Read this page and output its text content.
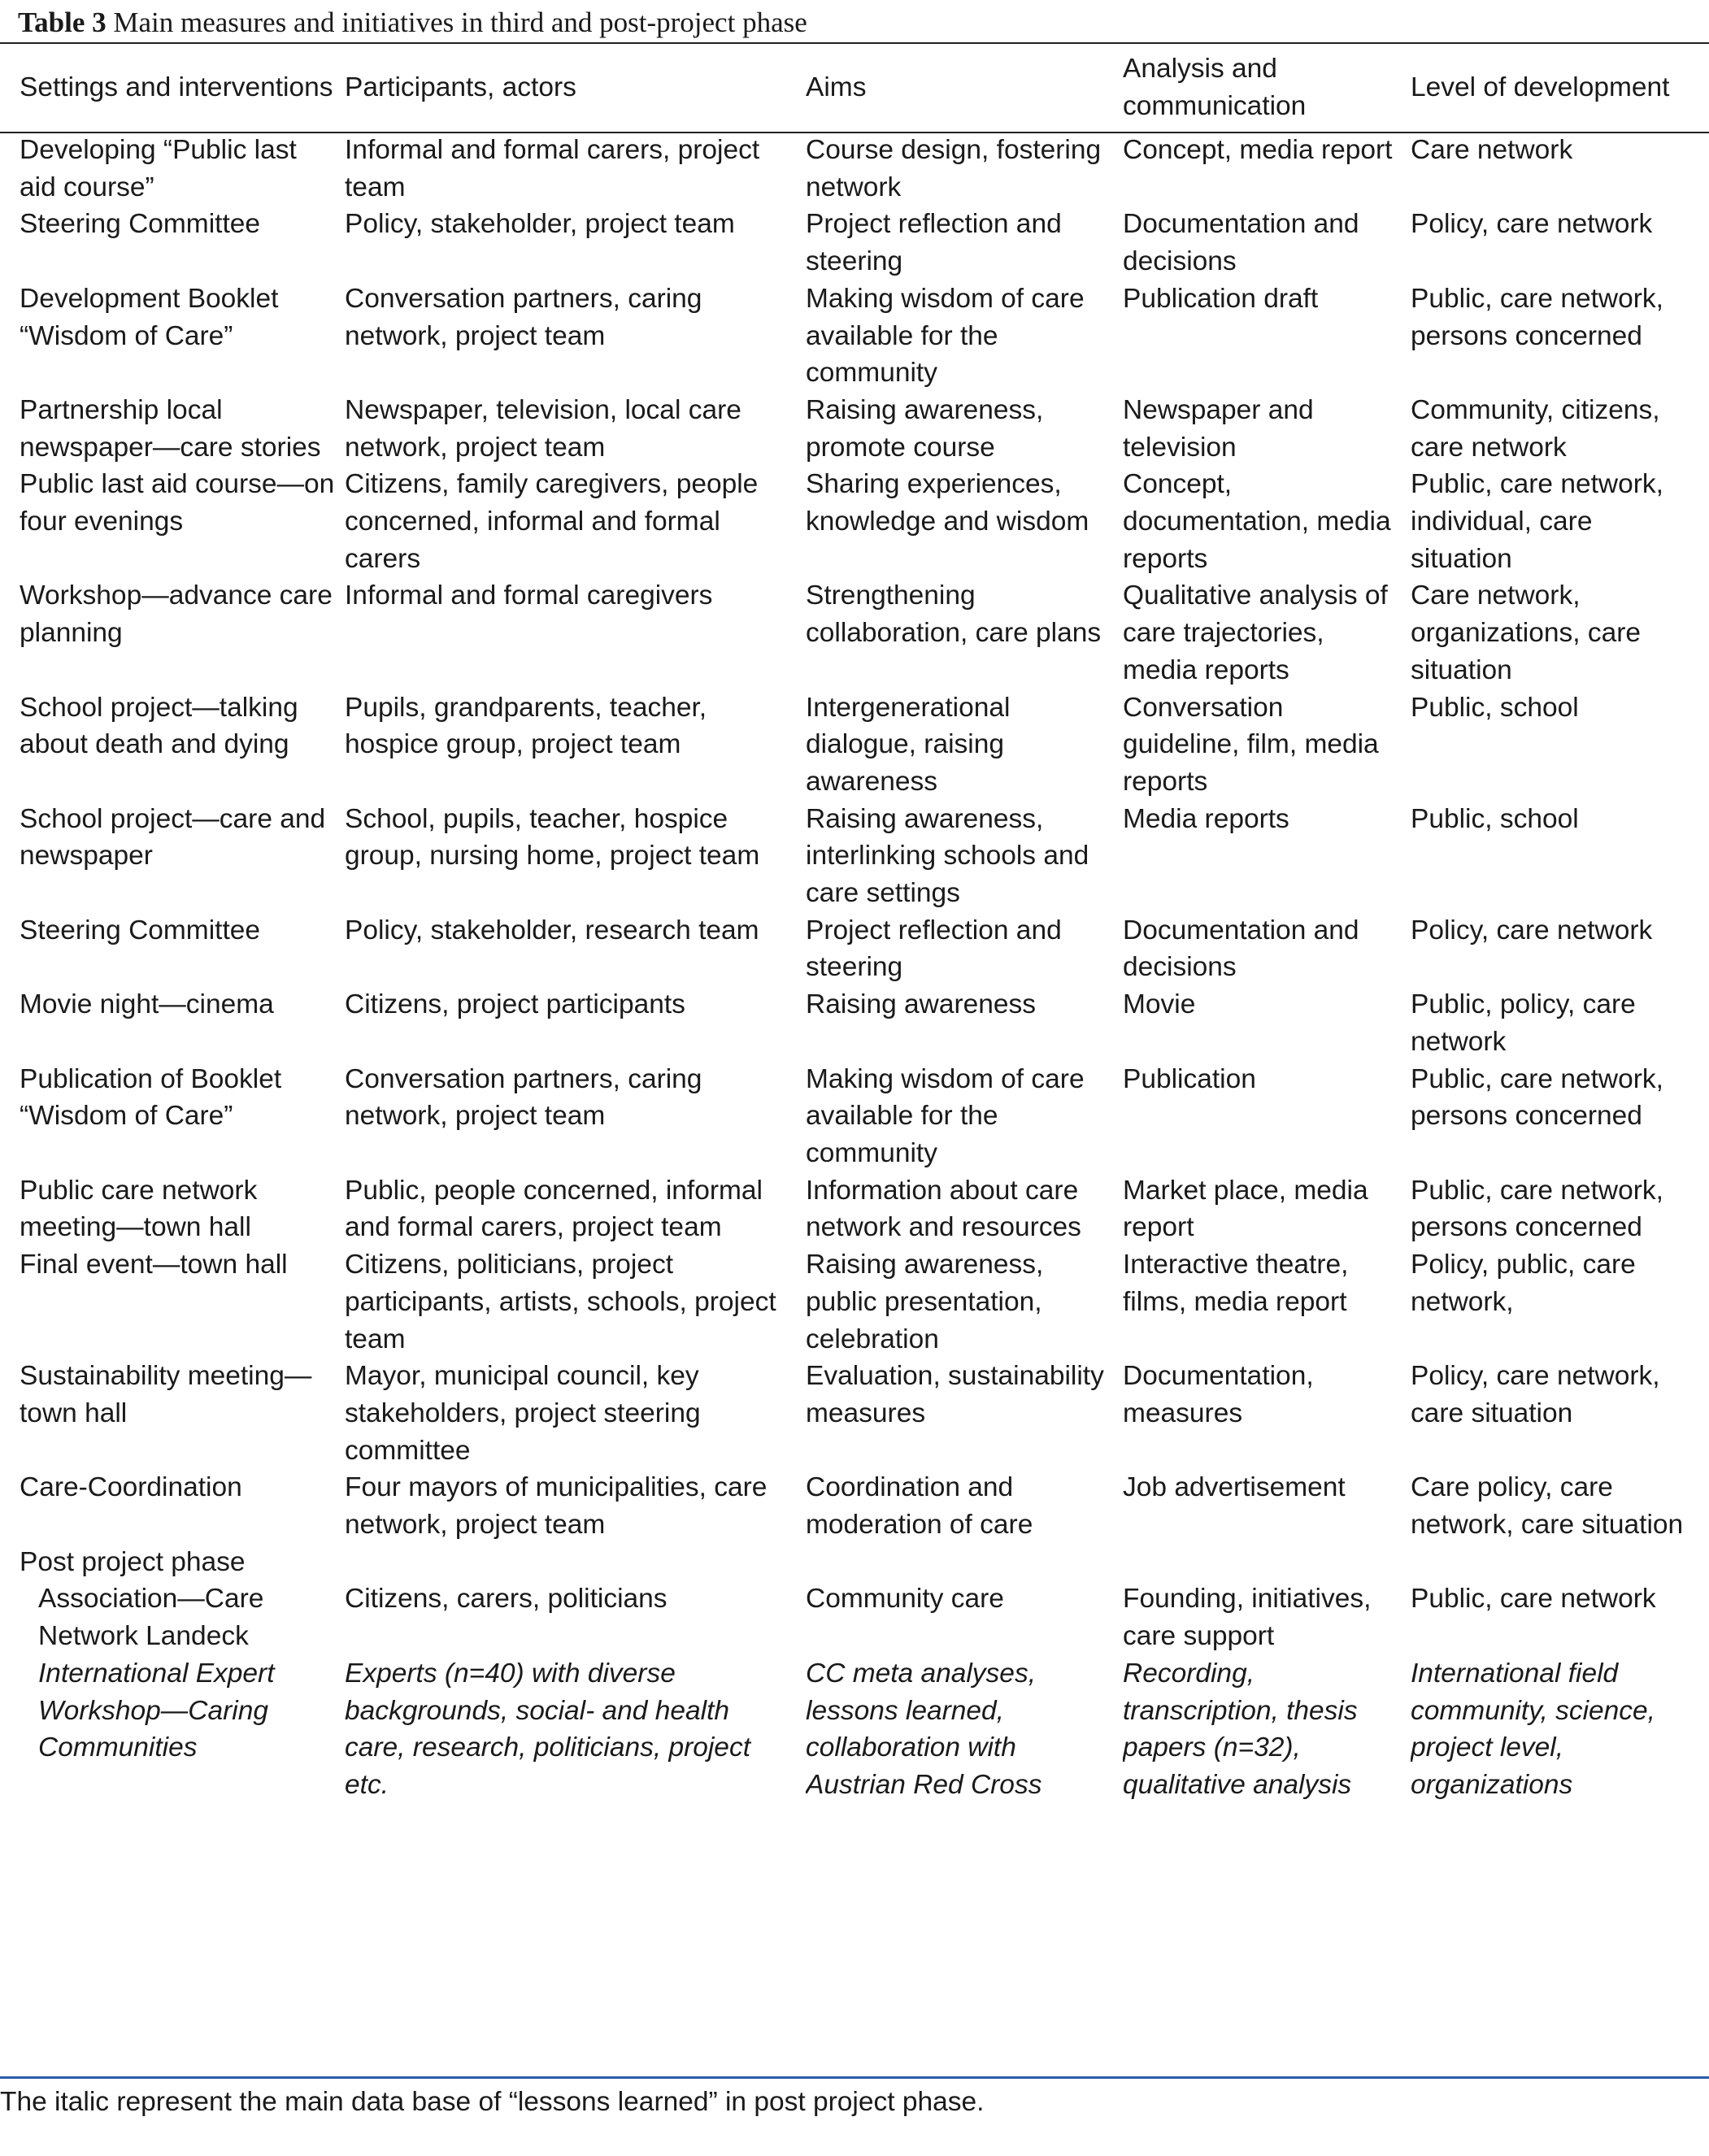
Table 3 Main measures and initiatives in third and post-project phase
Settings and interventions	Participants, actors	Aims	Analysis and communication	Level of development

Developing “Public last aid course”	Informal and formal carers, project team	Course design, fostering network	Concept, media report	Care network

Steering Committee	Policy, stakeholder, project team	Project reflection and steering	Documentation and decisions	Policy, care network

Development Booklet “Wisdom of Care”	Conversation partners, caring network, project team	Making wisdom of care available for the community	Publication draft	Public, care network, persons concerned

Partnership local newspaper—care stories	Newspaper, television, local care network, project team	Raising awareness, promote course	Newspaper and television	Community, citizens, care network

Public last aid course—on four evenings	Citizens, family caregivers, people concerned, informal and formal carers	Sharing experiences, knowledge and wisdom	Concept, documentation, media reports	Public, care network, individual, care situation

Workshop—advance care planning	Informal and formal caregivers	Strengthening collaboration, care plans	Qualitative analysis of care trajectories, media reports	Care network, organizations, care situation

School project—talking about death and dying	Pupils, grandparents, teacher, hospice group, project team	Intergenerational dialogue, raising awareness	Conversation guideline, film, media reports	Public, school

School project—care and newspaper	School, pupils, teacher, hospice group, nursing home, project team	Raising awareness, interlinking schools and care settings	Media reports	Public, school

Steering Committee	Policy, stakeholder, research team	Project reflection and steering	Documentation and decisions	Policy, care network

Movie night—cinema	Citizens, project participants	Raising awareness	Movie	Public, policy, care network

Publication of Booklet “Wisdom of Care”	Conversation partners, caring network, project team	Making wisdom of care available for the community	Publication	Public, care network, persons concerned

Public care network meeting—town hall	Public, people concerned, informal and formal carers, project team	Information about care network and resources	Market place, media report	Public, care network, persons concerned

Final event—town hall	Citizens, politicians, project participants, artists, schools, project team	Raising awareness, public presentation, celebration	Interactive theatre, films, media report	Policy, public, care network,

Sustainability meeting—town hall	Mayor, municipal council, key stakeholders, project steering committee	Evaluation, sustainability measures	Documentation, measures	Policy, care network, care situation

Care-Coordination	Four mayors of municipalities, care network, project team	Coordination and moderation of care	Job advertisement	Care policy, care network, care situation

Post project phase				

Association—Care Network Landeck	Citizens, carers, politicians	Community care	Founding, initiatives, care support	Public, care network

International Expert Workshop—Caring Communities	Experts (n=40) with diverse backgrounds, social- and health care, research, politicians, project etc.	CC meta analyses, lessons learned, collaboration with Austrian Red Cross	Recording, transcription, thesis papers (n=32), qualitative analysis	International field community, science, project level, organizations
The italic represent the main data base of “lessons learned” in post project phase.
